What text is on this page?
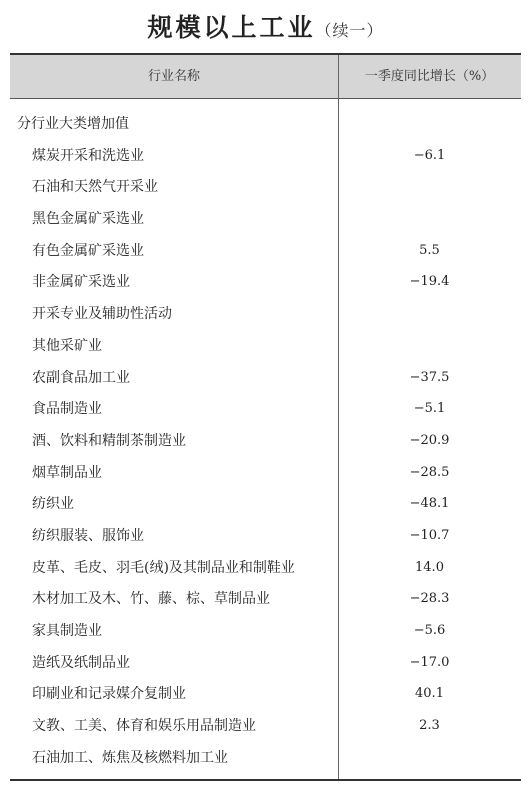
规模以上工业（续一）
行业名称	一季度同比增长（%）
分行业大类增加值
煤炭开采和洗选业	−6.1
石油和天然气开采业
黑色金属矿采选业
有色金属矿采选业	5.5
非金属矿采选业	−19.4
开采专业及辅助性活动
其他采矿业
农副食品加工业	−37.5
食品制造业	−5.1
酒、饮料和精制茶制造业	−20.9
烟草制品业	−28.5
纺织业	−48.1
纺织服装、服饰业	−10.7
皮革、毛皮、羽毛(绒)及其制品业和制鞋业	14.0
木材加工及木、竹、藤、棕、草制品业	−28.3
家具制造业	−5.6
造纸及纸制品业	−17.0
印刷业和记录媒介复制业	40.1
文教、工美、体育和娱乐用品制造业	2.3
石油加工、炼焦及核燃料加工业
